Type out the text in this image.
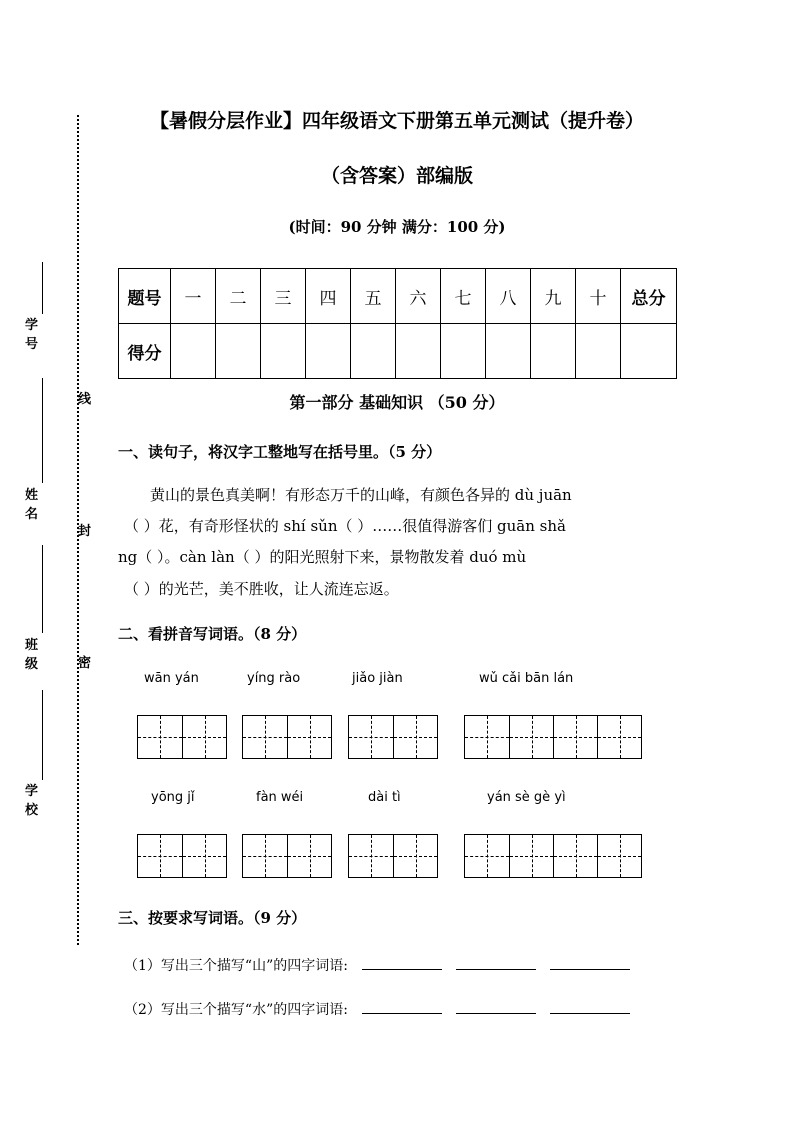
【暑假分层作业】四年级语文下册第五单元测试（提升卷）
（含答案）部编版
(时间：90 分钟 满分：100 分)
线
封
密
学号
姓名
班级
学校
题号	一	二	三	四	五	六	七	八	九	十	总分
得分											
第一部分 基础知识 （50 分）
一、读句子，将汉字工整地写在括号里。（5 分）
黄山的景色真美啊！有形态万千的山峰，有颜色各异的 dù juān
（ ）花，有奇形怪状的 shí sǔn（ ）……很值得游客们 guān shǎ
ng（ ）。càn làn（ ）的阳光照射下来，景物散发着 duó mù
（ ）的光芒，美不胜收，让人流连忘返。
二、看拼音写词语。（8 分）
wān yán	yíng rào	jiǎo jiàn	wǔ cǎi bān lán
yōng jǐ	fàn wéi	dài tì	yán sè gè yì
三、按要求写词语。（9 分）
（1）写出三个描写“山”的四字词语:
（2）写出三个描写“水”的四字词语:
